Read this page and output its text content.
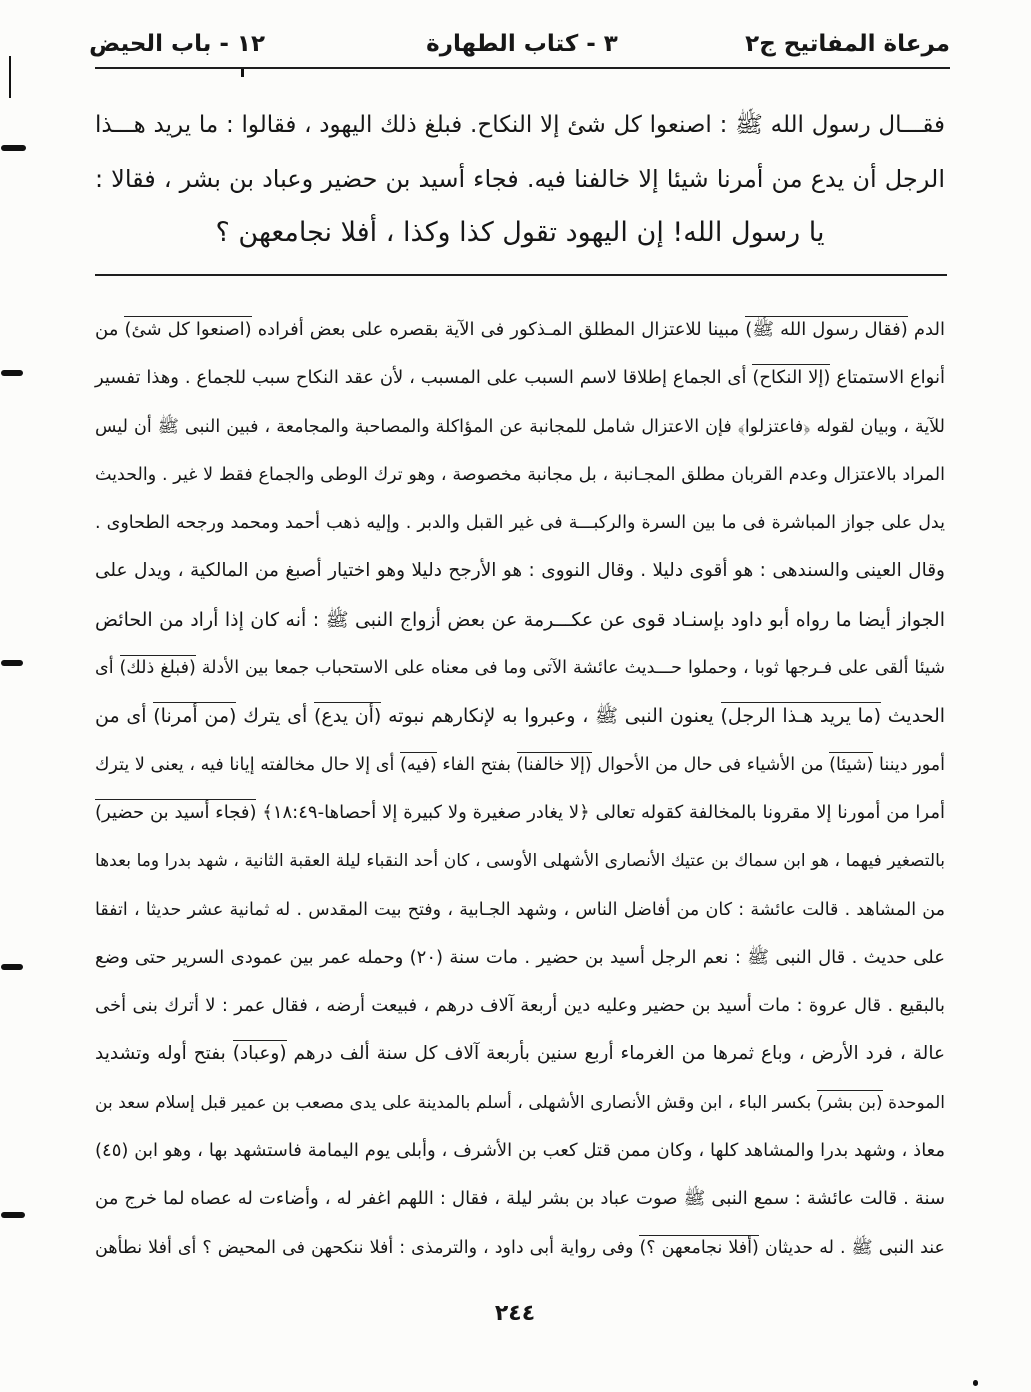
مرعاة المفاتيح ج٢
٣ - كتاب الطهارة
١٢ - باب الحيض
فقـــال رسول الله ﷺ : اصنعوا كل شئ إلا النكاح. فبلغ ذلك اليهود ، فقالوا : ما يريد هـــذا
الرجل أن يدع من أمرنا شيئا إلا خالفنا فيه. فجاء أسيد بن حضير وعباد بن بشر ، فقالا :
يا رسول الله! إن اليهود تقول كذا وكذا ، أفلا نجامعهن ؟
الدم (فقال رسول الله ﷺ) مبينا للاعتزال المطلق المـذكور فى الآية بقصره على بعض أفراده (اصنعوا كل شئ) من
أنواع الاستمتاع (إلا النكاح) أى الجماع إطلاقا لاسم السبب على المسبب ، لأن عقد النكاح سبب للجماع . وهذا تفسير
للآية ، وبيان لقوله ﴿فاعتزلوا﴾ فإن الاعتزال شامل للمجانبة عن المؤاكلة والمصاحبة والمجامعة ، فبين النبى ﷺ أن ليس
المراد بالاعتزال وعدم القربان مطلق المجـانبة ، بل مجانبة مخصوصة ، وهو ترك الوطى والجماع فقط لا غير . والحديث
يدل على جواز المباشرة فى ما بين السرة والركبـــة فى غير القبل والدبر . وإليه ذهب أحمد ومحمد ورجحه الطحاوى .
وقال العينى والسندهى : هو أقوى دليلا . وقال النووى : هو الأرجح دليلا وهو اختيار أصبغ من المالكية ، ويدل على
الجواز أيضا ما رواه أبو داود بإسنـاد قوى عن عكـــرمة عن بعض أزواج النبى ﷺ : أنه كان إذا أراد من الحائض
شيئا ألقى على فـرجها ثوبا ، وحملوا حـــديث عائشة الآتى وما فى معناه على الاستحباب جمعا بين الأدلة (فبلغ ذلك) أى
الحديث (ما يريد هـذا الرجل) يعنون النبى ﷺ ، وعبروا به لإنكارهم نبوته (أن يدع) أى يترك (من أمرنا) أى من
أمور ديننا (شيئا) من الأشياء فى حال من الأحوال (إلا خالفنا) بفتح الفاء (فيه) أى إلا حال مخالفته إيانا فيه ، يعنى لا يترك
أمرا من أمورنا إلا مقرونا بالمخالفة كقوله تعالى ﴿لا يغادر صغيرة ولا كبيرة إلا أحصاها-١٨:٤٩﴾ (فجاء أسيد بن حضير)
بالتصغير فيهما ، هو ابن سماك بن عتيك الأنصارى الأشهلى الأوسى ، كان أحد النقباء ليلة العقبة الثانية ، شهد بدرا وما بعدها
من المشاهد . قالت عائشة : كان من أفاضل الناس ، وشهد الجـابية ، وفتح بيت المقدس . له ثمانية عشر حديثا ، اتفقا
على حديث . قال النبى ﷺ : نعم الرجل أسيد بن حضير . مات سنة (٢٠) وحمله عمر بين عمودى السرير حتى وضع
بالبقيع . قال عروة : مات أسيد بن حضير وعليه دين أربعة آلاف درهم ، فبيعت أرضه ، فقال عمر : لا أترك بنى أخى
عالة ، فرد الأرض ، وباع ثمرها من الغرماء أربع سنين بأربعة آلاف كل سنة ألف درهم (وعباد) بفتح أوله وتشديد
الموحدة (بن بشر) بكسر الباء ، ابن وقش الأنصارى الأشهلى ، أسلم بالمدينة على يدى مصعب بن عمير قبل إسلام سعد بن
معاذ ، وشهد بدرا والمشاهد كلها ، وكان ممن قتل كعب بن الأشرف ، وأبلى يوم اليمامة فاستشهد بها ، وهو ابن (٤٥)
سنة . قالت عائشة : سمع النبى ﷺ صوت عباد بن بشر ليلة ، فقال : اللهم اغفر له ، وأضاءت له عصاه لما خرج من
عند النبى ﷺ . له حديثان (أفلا نجامعهن ؟) وفى رواية أبى داود ، والترمذى : أفلا ننكحهن فى المحيض ؟ أى أفلا نطأهن
٢٤٤
